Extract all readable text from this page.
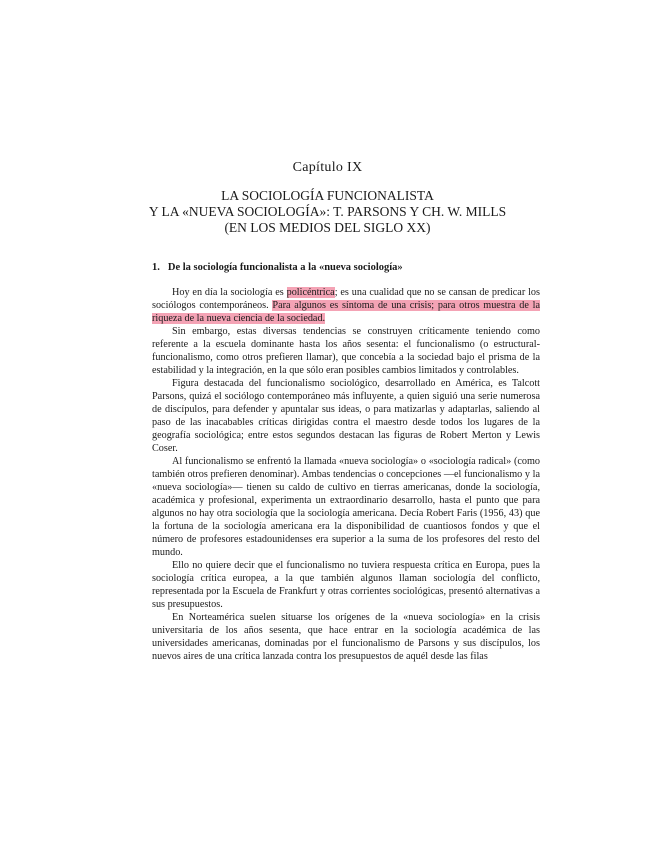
Capítulo IX
LA SOCIOLOGÍA FUNCIONALISTA
Y LA «NUEVA SOCIOLOGÍA»: T. PARSONS Y CH. W. MILLS
(EN LOS MEDIOS DEL SIGLO XX)
1. De la sociología funcionalista a la «nueva sociología»

Hoy en día la sociología es policéntrica; es una cualidad que no se cansan de predicar los sociólogos contemporáneos. Para algunos es síntoma de una crisis; para otros muestra de la riqueza de la nueva ciencia de la sociedad.

Sin embargo, estas diversas tendencias se construyen críticamente teniendo como referente a la escuela dominante hasta los años sesenta: el funcionalismo (o estructural-funcionalismo, como otros prefieren llamar), que concebía a la sociedad bajo el prisma de la estabilidad y la integración, en la que sólo eran posibles cambios limitados y controlables.

Figura destacada del funcionalismo sociológico, desarrollado en América, es Talcott Parsons, quizá el sociólogo contemporáneo más influyente, a quien siguió una serie numerosa de discípulos, para defender y apuntalar sus ideas, o para matizarlas y adaptarlas, saliendo al paso de las inacabables críticas dirigidas contra el maestro desde todos los lugares de la geografía sociológica; entre estos segundos destacan las figuras de Robert Merton y Lewis Coser.

Al funcionalismo se enfrentó la llamada «nueva sociología» o «sociología radical» (como también otros prefieren denominar). Ambas tendencias o concepciones —el funcionalismo y la «nueva sociología»— tienen su caldo de cultivo en tierras americanas, donde la sociología, académica y profesional, experimenta un extraordinario desarrollo, hasta el punto que para algunos no hay otra sociología que la sociología americana. Decía Robert Faris (1956, 43) que la fortuna de la sociología americana era la disponibilidad de cuantiosos fondos y que el número de profesores estadounidenses era superior a la suma de los profesores del resto del mundo.

Ello no quiere decir que el funcionalismo no tuviera respuesta crítica en Europa, pues la sociología crítica europea, a la que también algunos llaman sociología del conflicto, representada por la Escuela de Frankfurt y otras corrientes sociológicas, presentó alternativas a sus presupuestos.

En Norteamérica suelen situarse los orígenes de la «nueva sociología» en la crisis universitaria de los años sesenta, que hace entrar en la sociología académica de las universidades americanas, dominadas por el funcionalismo de Parsons y sus discípulos, los nuevos aires de una crítica lanzada contra los presupuestos de aquél desde las filas
